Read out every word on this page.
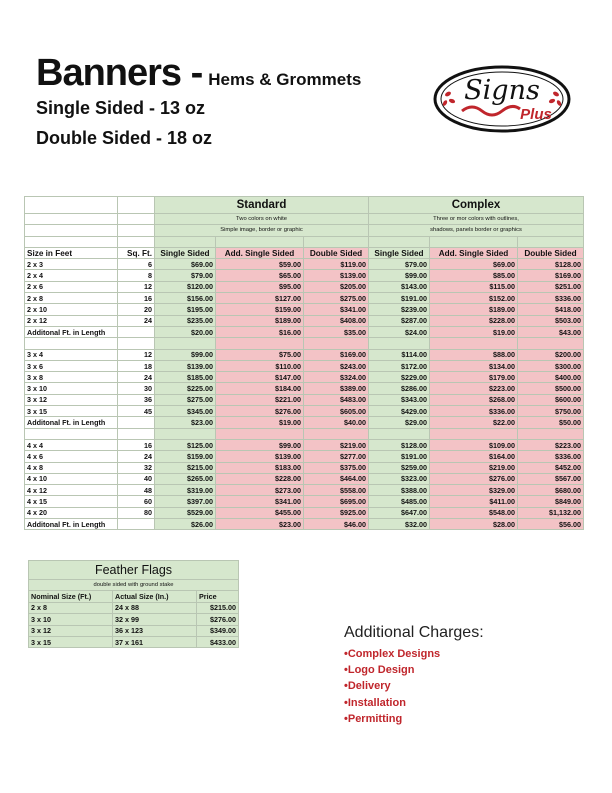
Banners - Hems & Grommets
Single Sided - 13 oz
Double Sided - 18 oz
Signs
Plus
		Standard			Complex		
		Two colors on white			Three or mor colors with outlines,		
		Simple image, border or graphic			shadows, panels border or graphics		

Size in Feet	Sq. Ft.	Single Sided	Add. Single Sided	Double Sided	Single Sided	Add. Single Sided	Double Sided
2 x 3	6	$69.00	$59.00	$119.00	$79.00	$69.00	$128.00
2 x 4	8	$79.00	$65.00	$139.00	$99.00	$85.00	$169.00
2 x 6	12	$120.00	$95.00	$205.00	$143.00	$115.00	$251.00
2 x 8	16	$156.00	$127.00	$275.00	$191.00	$152.00	$336.00
2 x 10	20	$195.00	$159.00	$341.00	$239.00	$189.00	$418.00
2 x 12	24	$235.00	$189.00	$408.00	$287.00	$228.00	$503.00
Additonal Ft. in Length		$20.00	$16.00	$35.00	$24.00	$19.00	$43.00

3 x 4	12	$99.00	$75.00	$169.00	$114.00	$88.00	$200.00
3 x 6	18	$139.00	$110.00	$243.00	$172.00	$134.00	$300.00
3 x 8	24	$185.00	$147.00	$324.00	$229.00	$179.00	$400.00
3 x 10	30	$225.00	$184.00	$389.00	$286.00	$223.00	$500.00
3 x 12	36	$275.00	$221.00	$483.00	$343.00	$268.00	$600.00
3 x 15	45	$345.00	$276.00	$605.00	$429.00	$336.00	$750.00
Additonal Ft. in Length		$23.00	$19.00	$40.00	$29.00	$22.00	$50.00

4 x 4	16	$125.00	$99.00	$219.00	$128.00	$109.00	$223.00
4 x 6	24	$159.00	$139.00	$277.00	$191.00	$164.00	$336.00
4 x 8	32	$215.00	$183.00	$375.00	$259.00	$219.00	$452.00
4 x 10	40	$265.00	$228.00	$464.00	$323.00	$276.00	$567.00
4 x 12	48	$319.00	$273.00	$558.00	$388.00	$329.00	$680.00
4 x 15	60	$397.00	$341.00	$695.00	$485.00	$411.00	$849.00
4 x 20	80	$529.00	$455.00	$925.00	$647.00	$548.00	$1,132.00
Additonal Ft. in Length		$26.00	$23.00	$46.00	$32.00	$28.00	$56.00
Feather Flags		
double sided with ground stake		
Nominal Size (Ft.)	Actual Size (In.)	Price
2 x 8	24 x 88	$215.00
3 x 10	32 x 99	$276.00
3 x 12	36 x 123	$349.00
3 x 15	37 x 161	$433.00
Additional Charges:
•Complex Designs
•Logo Design
•Delivery
•Installation
•Permitting
